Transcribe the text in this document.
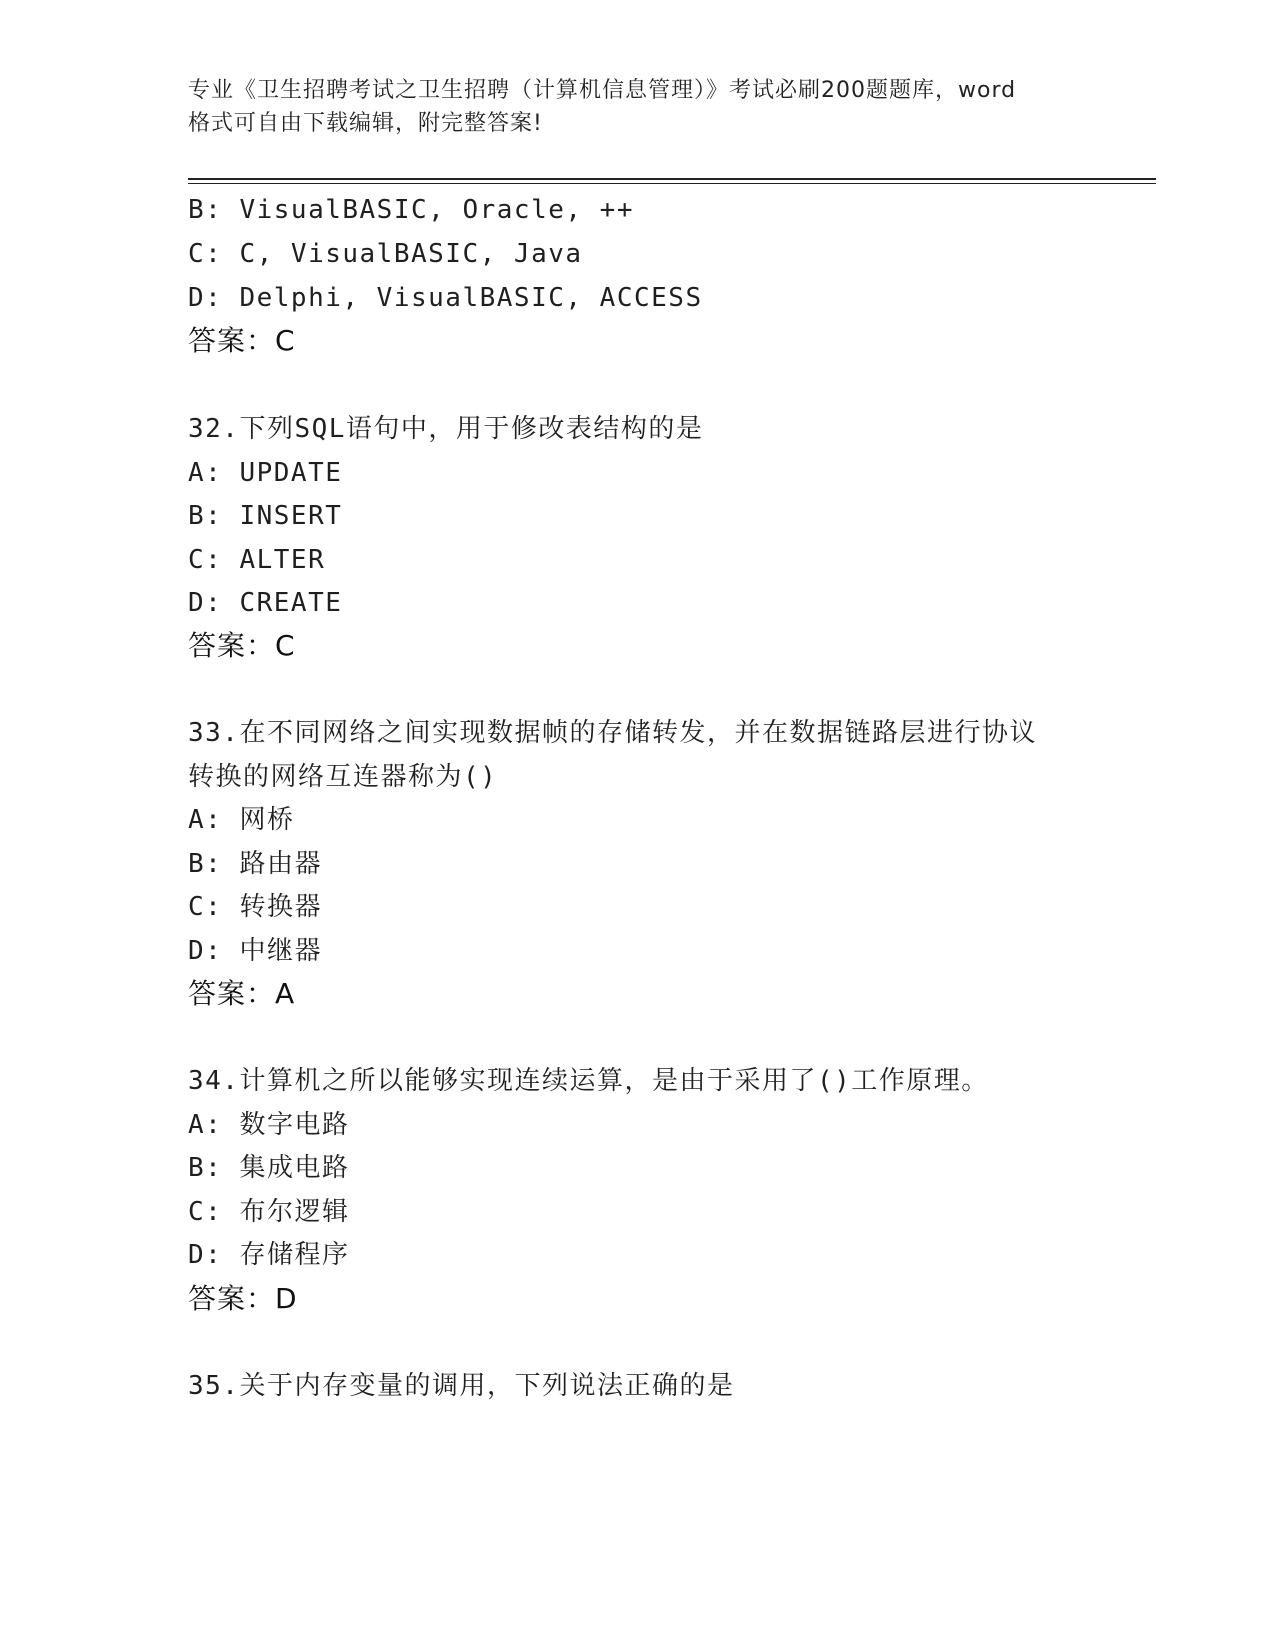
专业《卫生招聘考试之卫生招聘（计算机信息管理）》考试必刷200题题库，word
格式可自由下载编辑，附完整答案!
B: VisualBASIC, Oracle, ++
C: C, VisualBASIC, Java
D: Delphi, VisualBASIC, ACCESS
答案：C
32.下列SQL语句中，用于修改表结构的是
A: UPDATE
B: INSERT
C: ALTER
D: CREATE
答案：C
33.在不同网络之间实现数据帧的存储转发，并在数据链路层进行协议
转换的网络互连器称为()
A: 网桥
B: 路由器
C: 转换器
D: 中继器
答案：A
34.计算机之所以能够实现连续运算，是由于采用了()工作原理。
A: 数字电路
B: 集成电路
C: 布尔逻辑
D: 存储程序
答案：D
35.关于内存变量的调用，下列说法正确的是
